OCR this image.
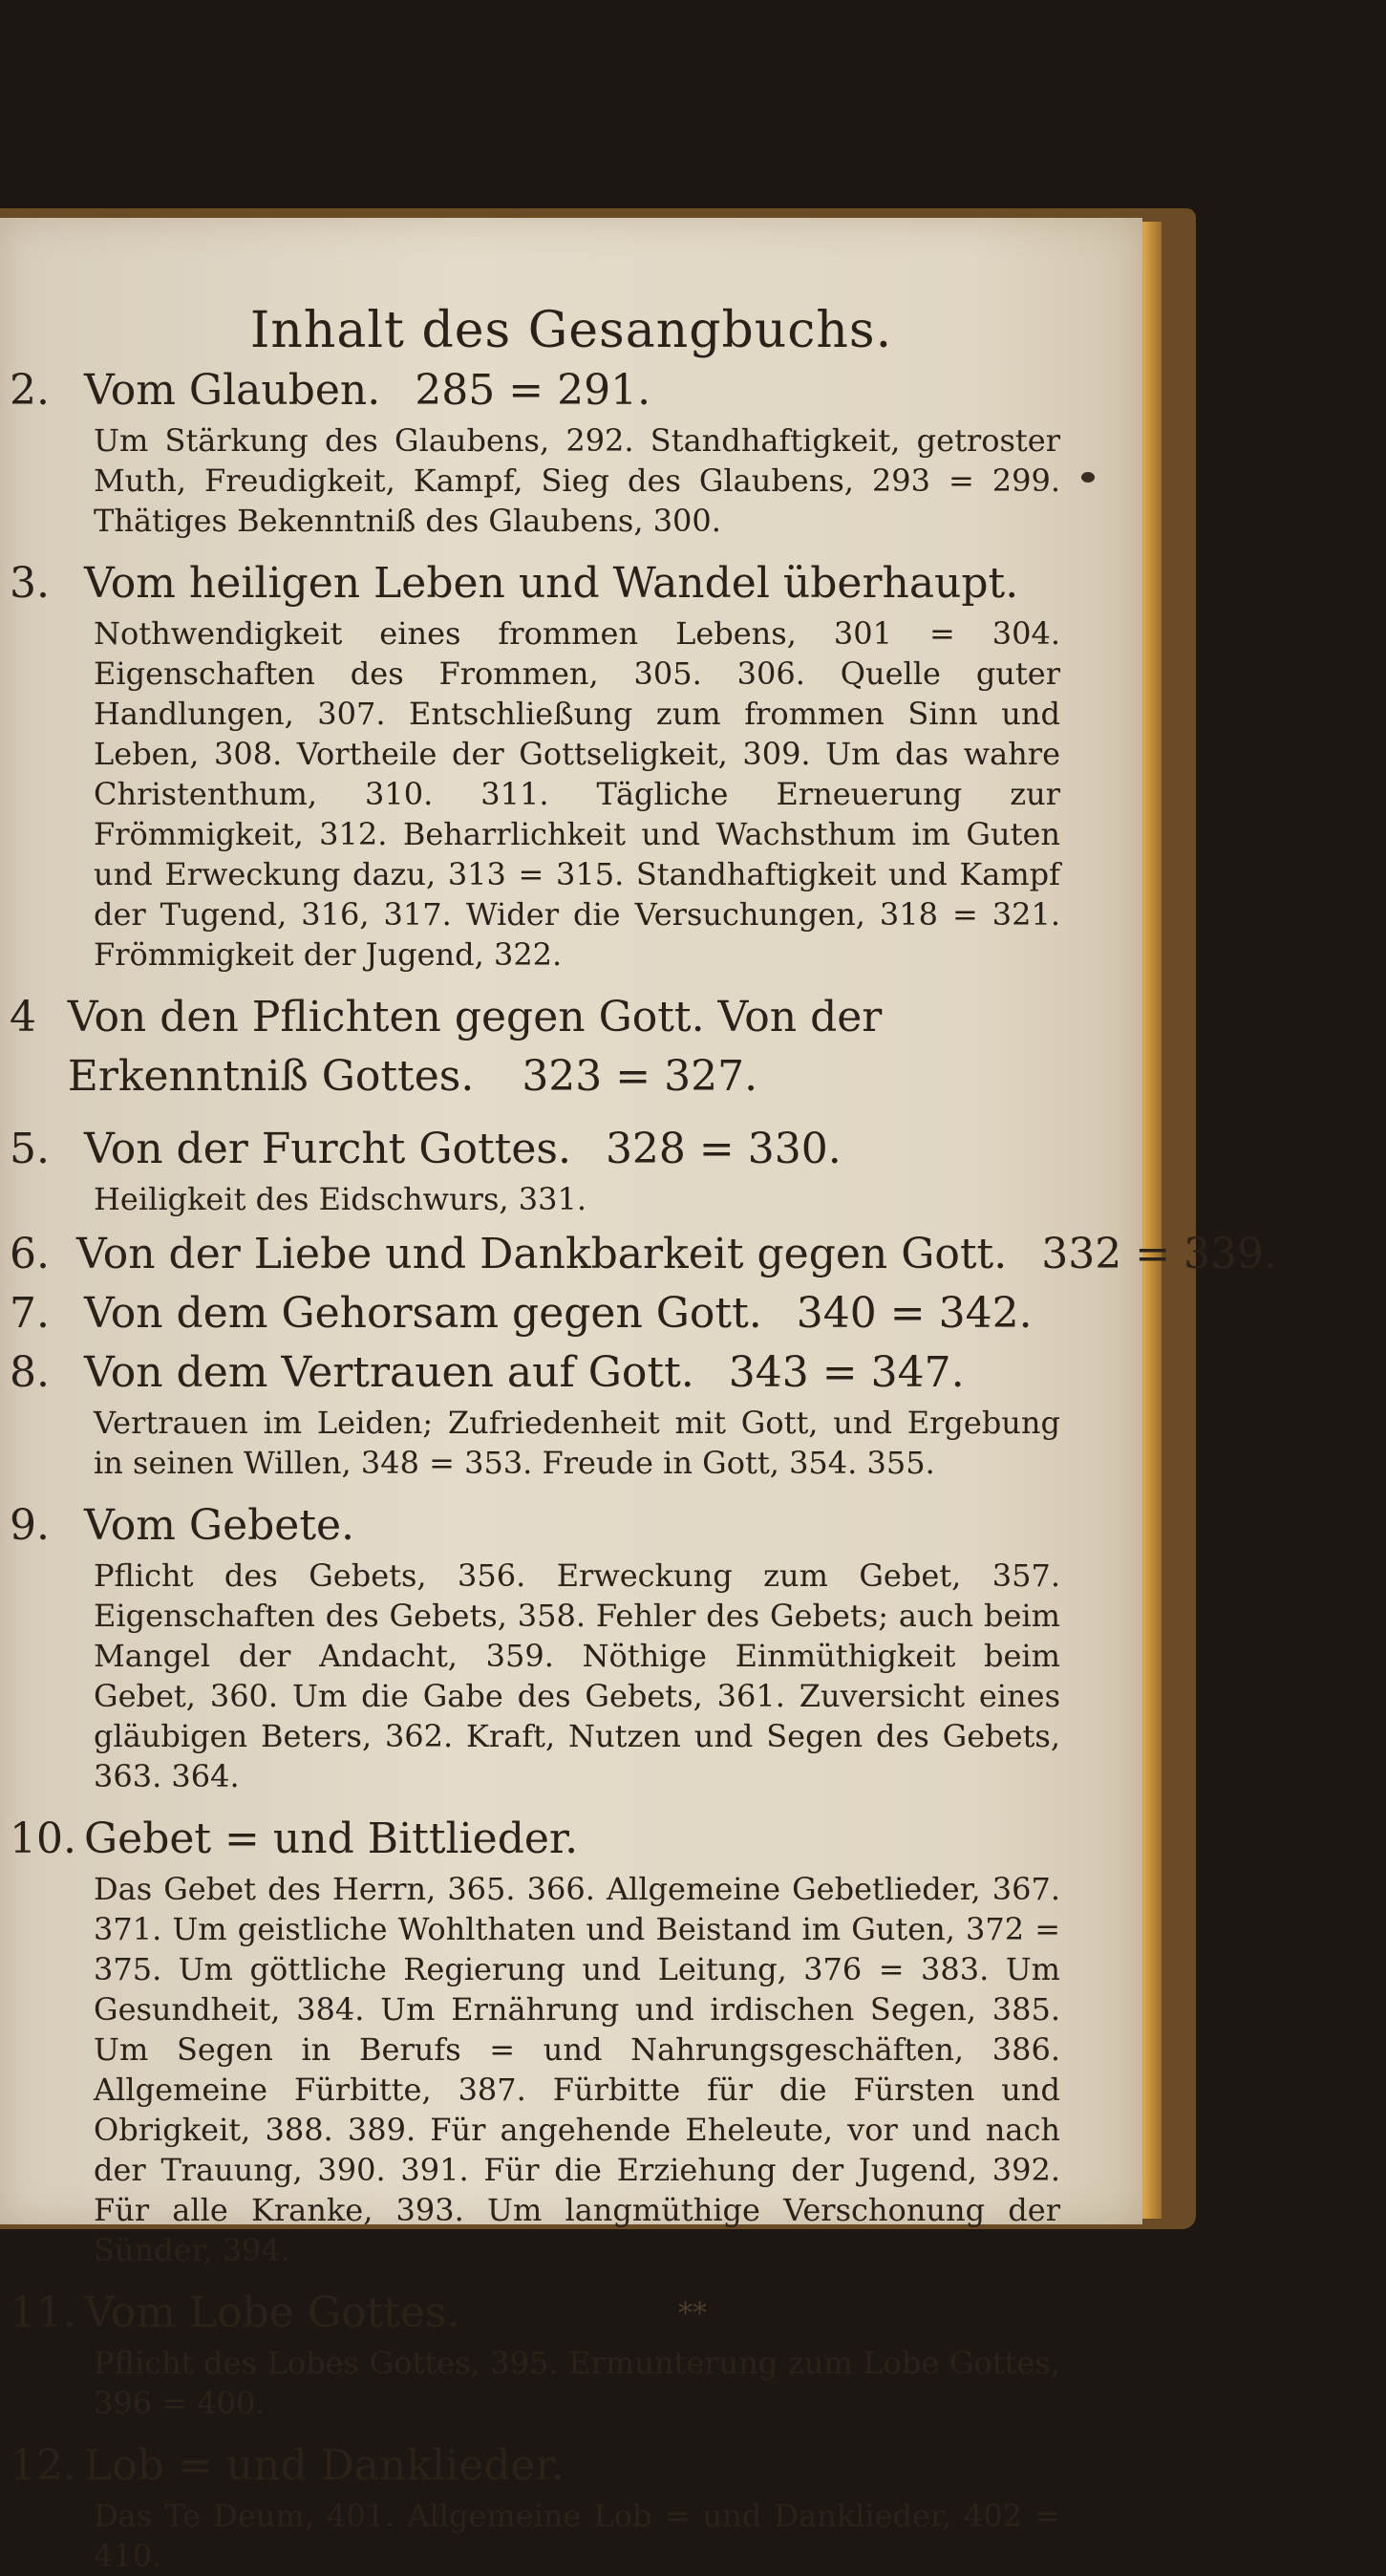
Inhalt des Gesangbuchs.
2. Vom Glauben. 285 = 291.
Um Stärkung des Glaubens, 292. Standhaftigkeit, getroster Muth, Freudigkeit, Kampf, Sieg des Glaubens, 293 = 299. Thätiges Bekenntniß des Glaubens, 300.
3. Vom heiligen Leben und Wandel überhaupt.
Nothwendigkeit eines frommen Lebens, 301 = 304. Eigenschaften des Frommen, 305. 306. Quelle guter Handlungen, 307. Entschließung zum frommen Sinn und Leben, 308. Vortheile der Gottseligkeit, 309. Um das wahre Christenthum, 310. 311. Tägliche Erneuerung zur Frömmigkeit, 312. Beharrlichkeit und Wachsthum im Guten und Erweckung dazu, 313 = 315. Standhaftigkeit und Kampf der Tugend, 316, 317. Wider die Versuchungen, 318 = 321. Frömmigkeit der Jugend, 322.
4 Von den Pflichten gegen Gott. Von der Erkenntniß Gottes. 323 = 327.
5. Von der Furcht Gottes. 328 = 330.
Heiligkeit des Eidschwurs, 331.
6. Von der Liebe und Dankbarkeit gegen Gott. 332 = 339.
7. Von dem Gehorsam gegen Gott. 340 = 342.
8. Von dem Vertrauen auf Gott. 343 = 347.
Vertrauen im Leiden; Zufriedenheit mit Gott, und Ergebung in seinen Willen, 348 = 353. Freude in Gott, 354. 355.
9. Vom Gebete.
Pflicht des Gebets, 356. Erweckung zum Gebet, 357. Eigenschaften des Gebets, 358. Fehler des Gebets; auch beim Mangel der Andacht, 359. Nöthige Einmüthigkeit beim Gebet, 360. Um die Gabe des Gebets, 361. Zuversicht eines gläubigen Beters, 362. Kraft, Nutzen und Segen des Gebets, 363. 364.
10. Gebet = und Bittlieder.
Das Gebet des Herrn, 365. 366. Allgemeine Gebetlieder, 367. 371. Um geistliche Wohlthaten und Beistand im Guten, 372 = 375. Um göttliche Regierung und Leitung, 376 = 383. Um Gesundheit, 384. Um Ernährung und irdischen Segen, 385. Um Segen in Berufs = und Nahrungsgeschäften, 386. Allgemeine Fürbitte, 387. Fürbitte für die Fürsten und Obrigkeit, 388. 389. Für angehende Eheleute, vor und nach der Trauung, 390. 391. Für die Erziehung der Jugend, 392. Für alle Kranke, 393. Um langmüthige Verschonung der Sünder, 394.
11. Vom Lobe Gottes.
Pflicht des Lobes Gottes, 395. Ermunterung zum Lobe Gottes, 396 = 400.
12. Lob = und Danklieder.
Das Te Deum, 401. Allgemeine Lob = und Danklieder, 402 = 410.
**
